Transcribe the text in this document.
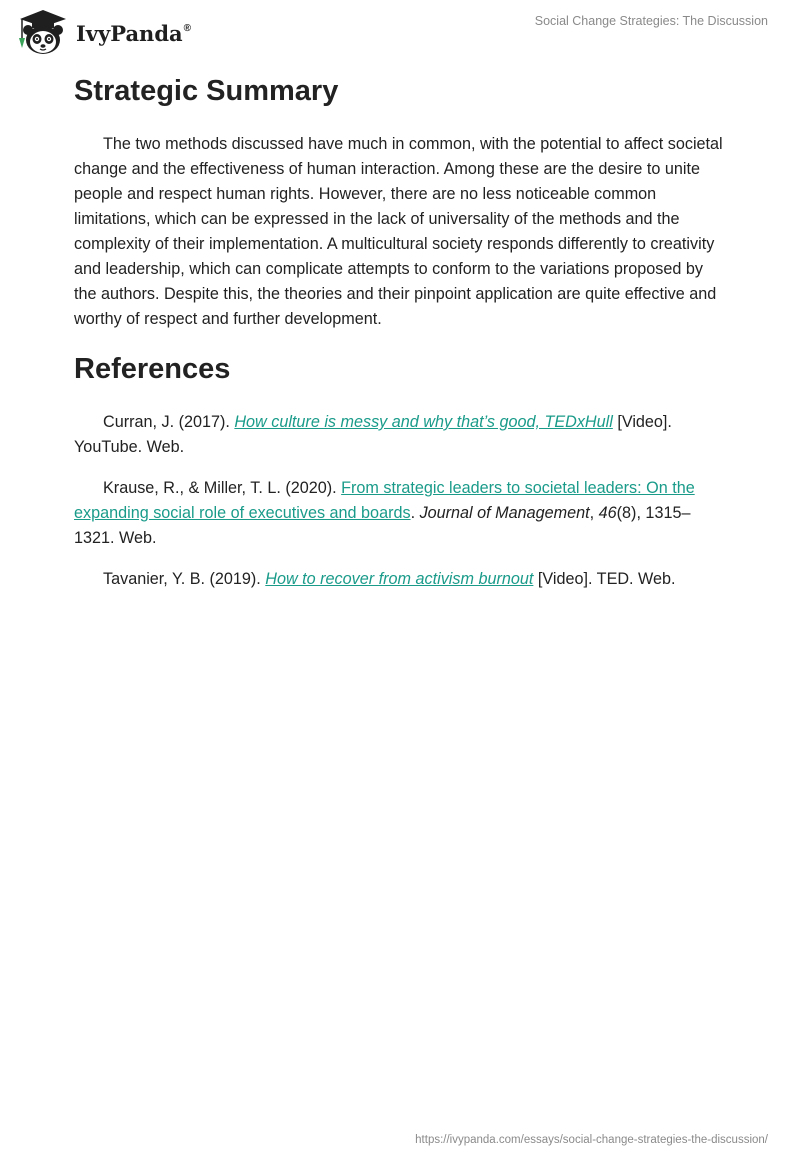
IvyPanda®	Social Change Strategies: The Discussion
Strategic Summary

The two methods discussed have much in common, with the potential to affect societal change and the effectiveness of human interaction. Among these are the desire to unite people and respect human rights. However, there are no less noticeable common limitations, which can be expressed in the lack of universality of the methods and the complexity of their implementation. A multicultural society responds differently to creativity and leadership, which can complicate attempts to conform to the variations proposed by the authors. Despite this, the theories and their pinpoint application are quite effective and worthy of respect and further development.

References

Curran, J. (2017). How culture is messy and why that’s good, TEDxHull [Video]. YouTube. Web.

Krause, R., & Miller, T. L. (2020). From strategic leaders to societal leaders: On the expanding social role of executives and boards. Journal of Management, 46(8), 1315–1321. Web.

Tavanier, Y. B. (2019). How to recover from activism burnout [Video]. TED. Web.

https://ivypanda.com/essays/social-change-strategies-the-discussion/
